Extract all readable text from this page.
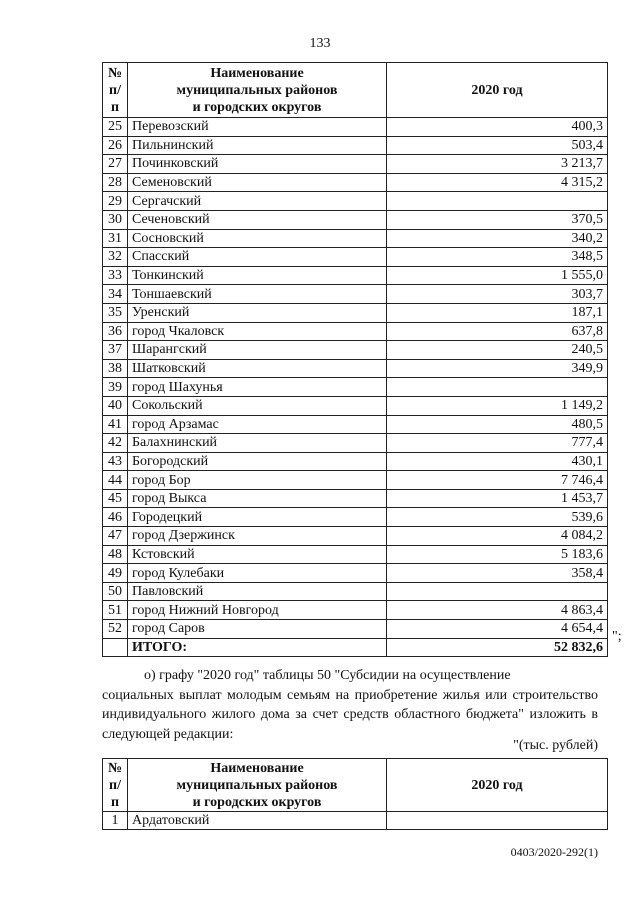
133
№
п/п	Наименование
муниципальных районов
и городских округов	2020 год
25	Перевозский	400,3
26	Пильнинский	503,4
27	Починковский	3 213,7
28	Семеновский	4 315,2
29	Сергачский	
30	Сеченовский	370,5
31	Сосновский	340,2
32	Спасский	348,5
33	Тонкинский	1 555,0
34	Тоншаевский	303,7
35	Уренский	187,1
36	город Чкаловск	637,8
37	Шарангский	240,5
38	Шатковский	349,9
39	город Шахунья	
40	Сокольский	1 149,2
41	город Арзамас	480,5
42	Балахнинский	777,4
43	Богородский	430,1
44	город Бор	7 746,4
45	город Выкса	1 453,7
46	Городецкий	539,6
47	город Дзержинск	4 084,2
48	Кстовский	5 183,6
49	город Кулебаки	358,4
50	Павловский	
51	город Нижний Новгород	4 863,4
52	город Саров	4 654,4
	ИТОГО:	52 832,6
";
о) графу "2020 год" таблицы 50 "Субсидии на осуществление
социальных выплат молодым семьям на приобретение жилья или строительство индивидуального жилого дома за счет средств областного бюджета" изложить в следующей редакции:
"(тыс. рублей)
№
п/п	Наименование
муниципальных районов
и городских округов	2020 год
1	Ардатовский	
0403/2020-292(1)
